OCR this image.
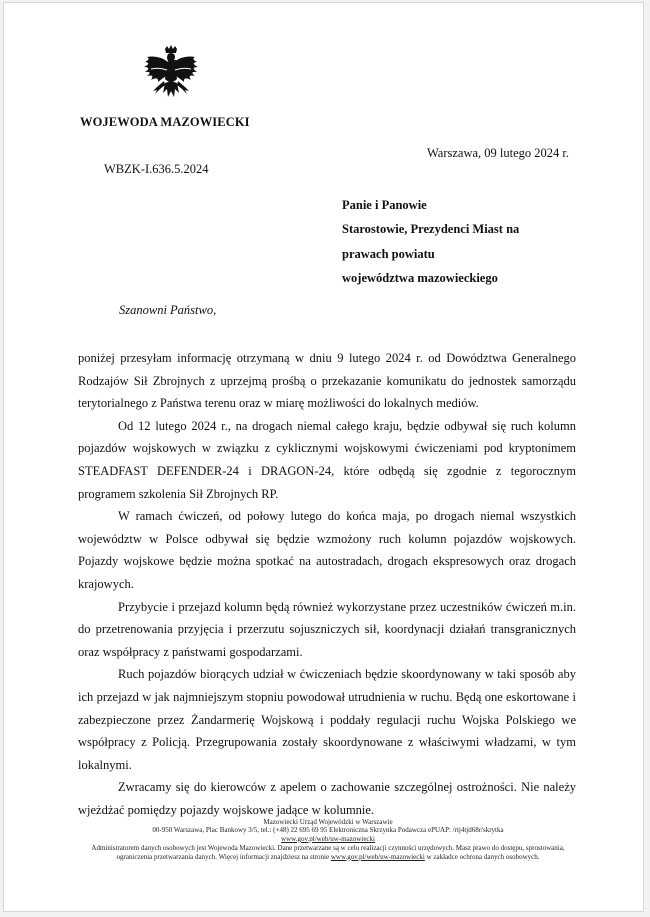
WOJEWODA MAZOWIECKI
Warszawa, 09 lutego 2024 r.
WBZK-I.636.5.2024
Panie i Panowie
Starostowie, Prezydenci Miast na
prawach powiatu
województwa mazowieckiego
Szanowni Państwo,

poniżej przesyłam informację otrzymaną w dniu 9 lutego 2024 r. od Dowództwa Generalnego Rodzajów Sił Zbrojnych z uprzejmą prośbą o przekazanie komunikatu do jednostek samorządu terytorialnego z Państwa terenu oraz w miarę możliwości do lokalnych mediów.

Od 12 lutego 2024 r., na drogach niemal całego kraju, będzie odbywał się ruch kolumn pojazdów wojskowych w związku z cyklicznymi wojskowymi ćwiczeniami pod kryptonimem STEADFAST DEFENDER-24 i DRAGON-24, które odbędą się zgodnie z tegorocznym programem szkolenia Sił Zbrojnych RP.

W ramach ćwiczeń, od połowy lutego do końca maja, po drogach niemal wszystkich województw w Polsce odbywał się będzie wzmożony ruch kolumn pojazdów wojskowych. Pojazdy wojskowe będzie można spotkać na autostradach, drogach ekspresowych oraz drogach krajowych.

Przybycie i przejazd kolumn będą również wykorzystane przez uczestników ćwiczeń m.in. do przetrenowania przyjęcia i przerzutu sojuszniczych sił, koordynacji działań transgranicznych oraz współpracy z państwami gospodarzami.

Ruch pojazdów biorących udział w ćwiczeniach będzie skoordynowany w taki sposób aby ich przejazd w jak najmniejszym stopniu powodował utrudnienia w ruchu. Będą one eskortowane i zabezpieczone przez Żandarmerię Wojskową i poddały regulacji ruchu Wojska Polskiego we współpracy z Policją. Przegrupowania zostały skoordynowane z właściwymi władzami, w tym lokalnymi.

Zwracamy się do kierowców z apelem o zachowanie szczególnej ostrożności. Nie należy wjeżdżać pomiędzy pojazdy wojskowe jadące w kolumnie.

Mazowiecki Urząd Wojewódzki w Warszawie
00-950 Warszawa, Plac Bankowy 3/5, tel.: (+48) 22 695 69 95 Elektroniczna Skrzynka Podawcza ePUAP: /rtj4tjd68r/skrytka
www.gov.pl/web/uw-mazowiecki
Administratorem danych osobowych jest Wojewoda Mazowiecki. Dane przetwarzane są w celu realizacji czynności urzędowych. Masz prawo do dostępu, sprostowania, ograniczenia przetwarzania danych. Więcej informacji znajdziesz na stronie www.gov.pl/web/uw-mazowiecki w zakładce ochrona danych osobowych.
